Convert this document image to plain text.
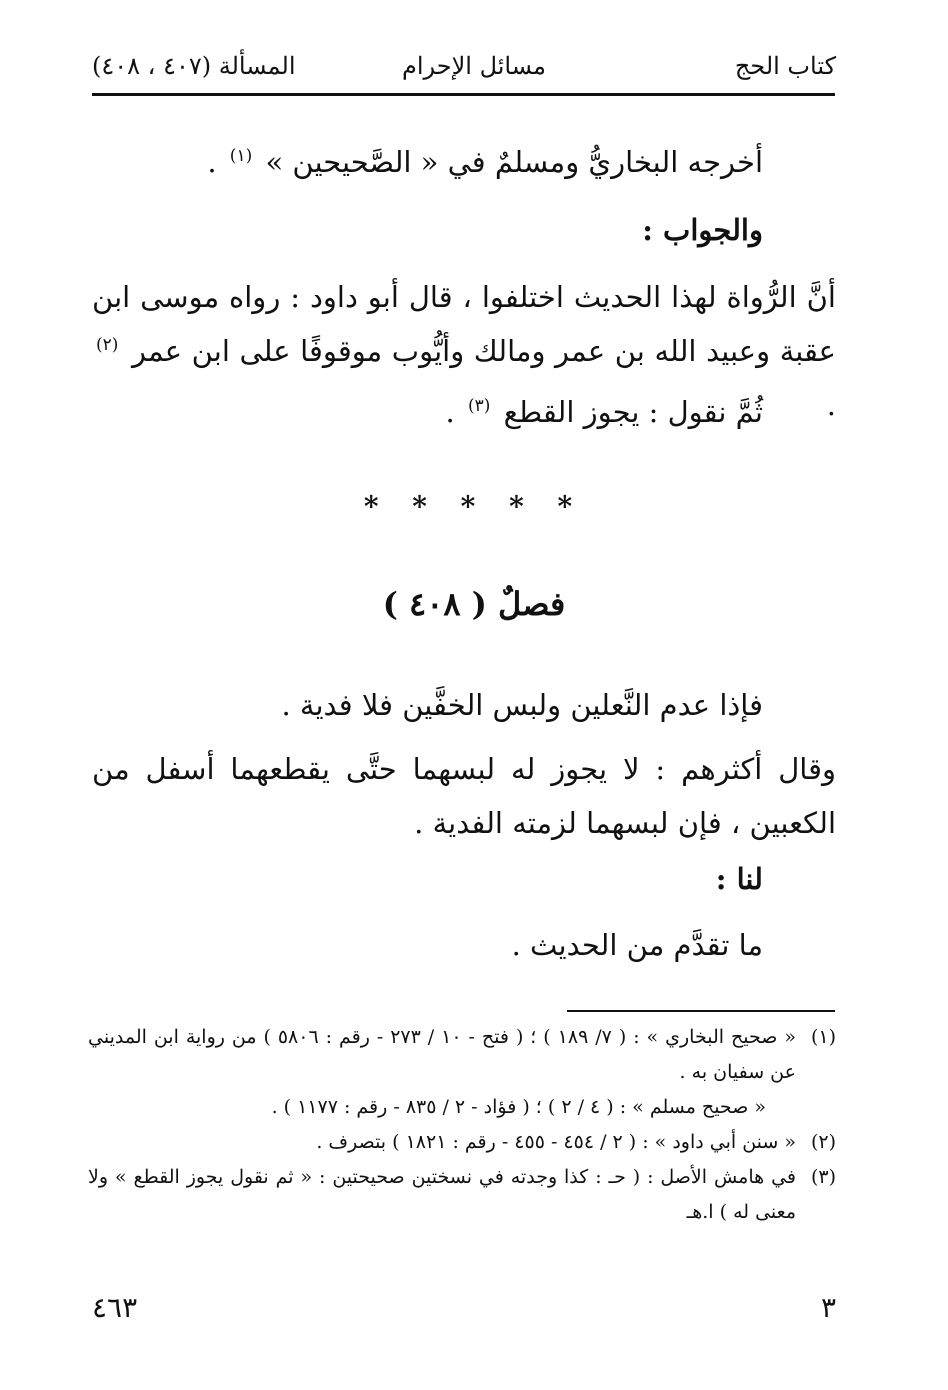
كتاب الحج
مسائل الإحرام
المسألة (٤٠٧ ، ٤٠٨)
أخرجه البخاريُّ ومسلمٌ في « الصَّحيحين » $^{(١)}$ .
والجواب :
أنَّ الرُّواة لهذا الحديث اختلفوا ، قال أبو داود : رواه موسى ابن عقبة وعبيد الله بن عمر ومالك وأيُّوب موقوفًا على ابن عمر $^{(٢)}$ .
ثُمَّ نقول : يجوز القطع $^{(٣)}$ .
* * * * *
فصلٌ ( ٤٠٨ )
فإذا عدم النَّعلين ولبس الخفَّين فلا فدية .
وقال أكثرهم : لا يجوز له لبسهما حتَّى يقطعهما أسفل من الكعبين ، فإن لبسهما لزمته الفدية .
لنا :
ما تقدَّم من الحديث .
(١)
« صحيح البخاري » : ( ٧/ ١٨٩ ) ؛ ( فتح - ١٠ / ٢٧٣ - رقم : ٥٨٠٦ ) من رواية ابن المديني عن سفيان به .
« صحيح مسلم » : ( ٤ / ٢ ) ؛ ( فؤاد - ٢ / ٨٣٥ - رقم : ١١٧٧ ) .
(٢)
« سنن أبي داود » : ( ٢ / ٤٥٤ - ٤٥٥ - رقم : ١٨٢١ ) بتصرف .
(٣)
في هامش الأصل : ( حـ : كذا وجدته في نسختين صحيحتين : « ثم نقول يجوز القطع » ولا معنى له ) ا.هـ
٣
٤٦٣
